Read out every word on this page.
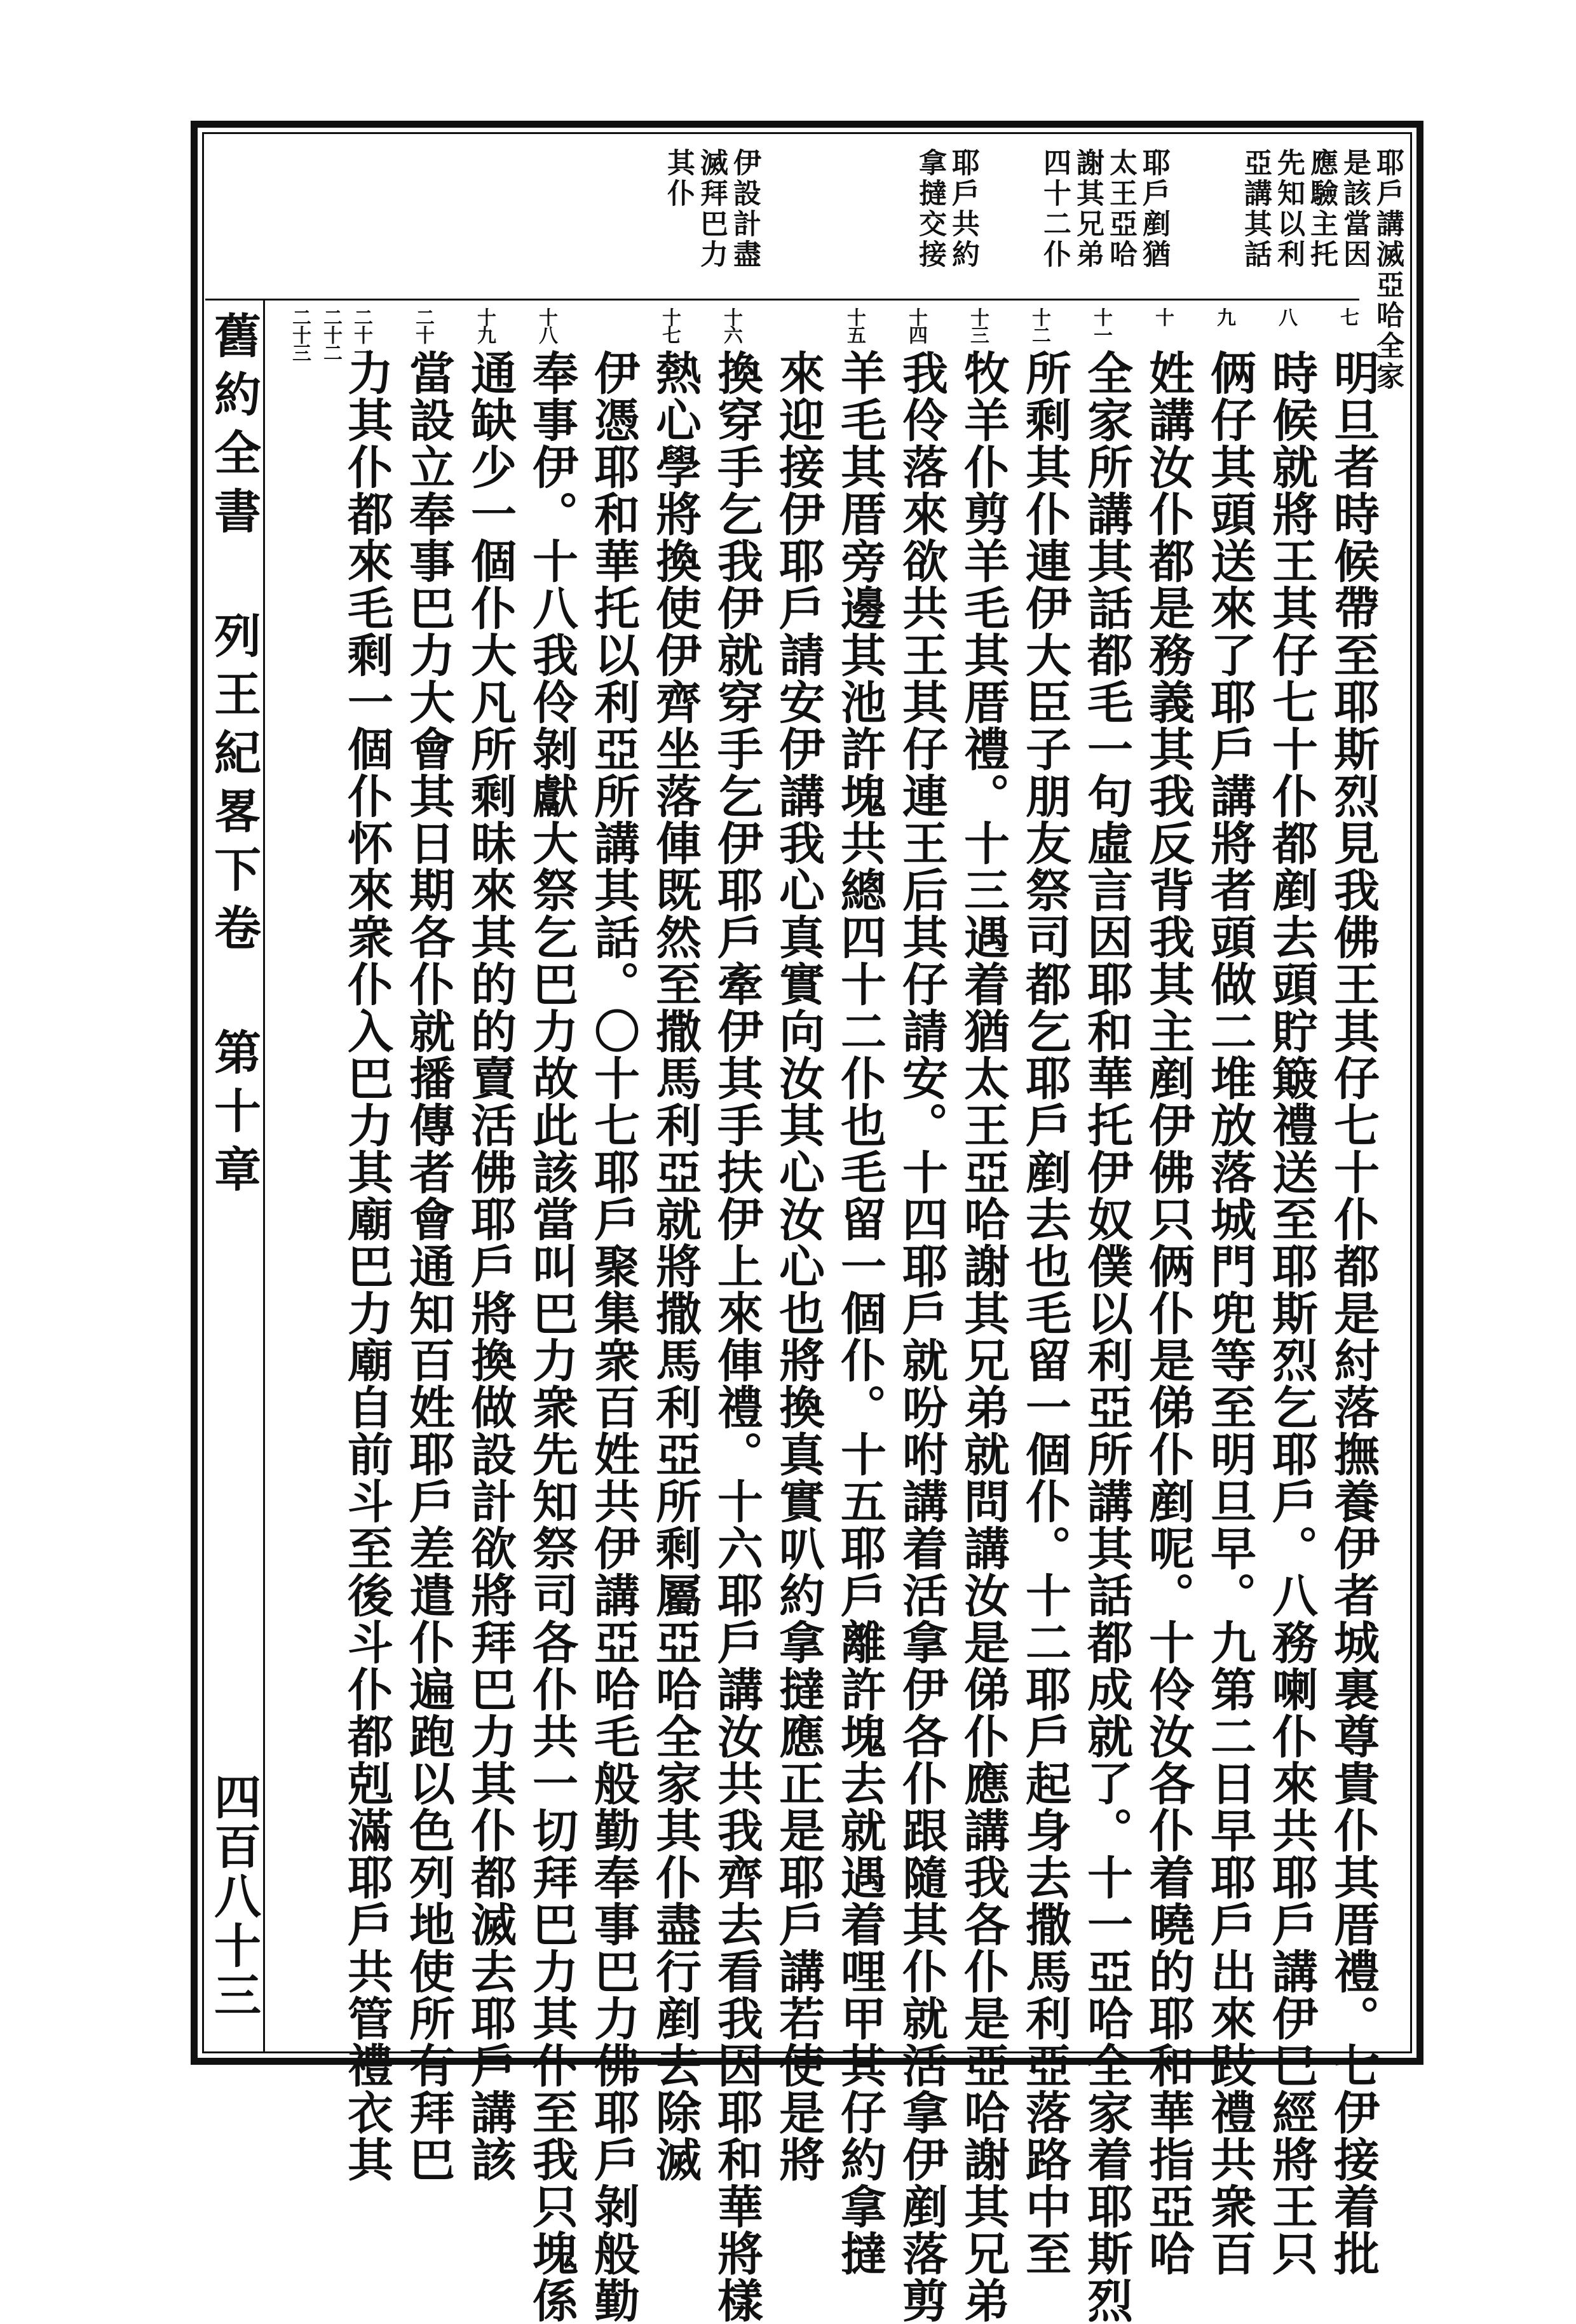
耶戶講滅亞哈全家
是該當因
應驗主托
先知以利
亞講其話
耶戶剷猶
太王亞哈
謝其兄弟
四十二仆
耶戶共約
拿撻交接
伊設計盡
滅拜巴力
其仆
七
八
九
十
十一
十二
十三
十四
十五
十六
十七
十八
十九
二十
二十一
二十二
二十三
明旦者時候帶至耶斯烈見我佛王其仔七十仆都是紂落撫養伊者城裏尊貴仆其厝禮。七伊接着批
時候就將王其仔七十仆都剷去頭貯簸禮送至耶斯烈乞耶戶。八務喇仆來共耶戶講伊巳經將王只
俩仔其頭送來了耶戶講將者頭做二堆放落城門兜等至明旦早。九第二日早耶戶出來跂禮共衆百
姓講汝仆都是務義其我反背我其主剷伊佛只俩仆是俤仆剷呢。十伶汝各仆着曉的耶和華指亞哈
全家所講其話都毛一句虛言因耶和華托伊奴僕以利亞所講其話都成就了。十一亞哈全家着耶斯烈
所剩其仆連伊大臣子朋友祭司都乞耶戶剷去也毛留一個仆。十二耶戶起身去撒馬利亞落路中至
牧羊仆剪羊毛其厝禮。十三遇着猶太王亞哈謝其兄弟就問講汝是俤仆應講我各仆是亞哈謝其兄弟
我伶落來欲共王其仔連王后其仔請安。十四耶戶就吩咐講着活拿伊各仆跟隨其仆就活拿伊剷落剪
羊毛其厝旁邊其池許塊共總四十二仆也毛留一個仆。十五耶戶離許塊去就遇着哩甲其仔約拿撻
來迎接伊耶戶請安伊講我心真實向汝其心汝心也將換真實叭約拿撻應正是耶戶講若使是將
換穿手乞我伊就穿手乞伊耶戶牽伊其手扶伊上來俥禮。十六耶戶講汝共我齊去看我因耶和華將樣
熱心學將換使伊齊坐落俥既然至撒馬利亞就將撒馬利亞所剩屬亞哈全家其仆盡行剷去除滅
伊憑耶和華托以利亞所講其話。〇十七耶戶聚集衆百姓共伊講亞哈毛般勤奉事巴力佛耶戶剝般勤
奉事伊。十八我伶剝獻大祭乞巴力故此該當叫巴力衆先知祭司各仆共一切拜巴力其仆至我只塊係
通缺少一個仆大凡所剩昧來其的的賣活佛耶戶將換做設計欲將拜巴力其仆都滅去耶戶講該
當設立奉事巴力大會其日期各仆就播傳者會通知百姓耶戶差遣仆遍跑以色列地使所有拜巴
力其仆都來毛剩一個仆怀來衆仆入巴力其廟巴力廟自前斗至後斗仆都剋滿耶戶共管禮衣其
舊約全書 列王紀畧下卷 第十章
四百八十三
